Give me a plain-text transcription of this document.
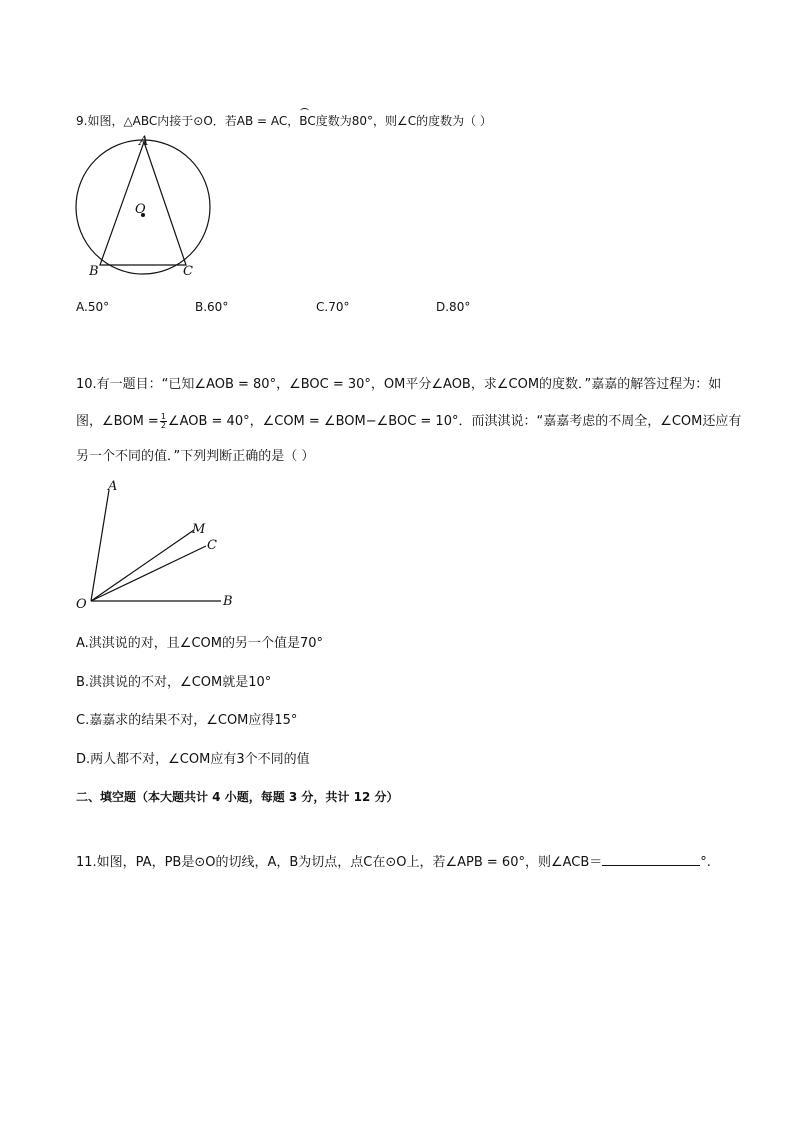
9.如图，△ABC内接于⊙O．若AB = AC，BC度数为80°，则∠C的度数为（ ）
A
O
B	C
A.50°	B.60°	C.70°	D.80°
10.有一题目：“已知∠AOB = 80°，∠BOC = 30°，OM平分∠AOB，求∠COM的度数．”嘉嘉的解答过程为：如
图，∠BOM = $\frac{1}{2}$ ∠AOB = 40°，∠COM = ∠BOM−∠BOC = 10°．而淇淇说：“嘉嘉考虑的不周全，∠COM还应有
另一个不同的值．”下列判断正确的是（ ）
A
M
C
O	B
A.淇淇说的对，且∠COM的另一个值是70°
B.淇淇说的不对，∠COM就是10°
C.嘉嘉求的结果不对，∠COM应得15°
D.两人都不对，∠COM应有3个不同的值
二、填空题（本大题共计 4 小题，每题 3 分，共计 12 分）
11.如图，PA，PB是⊙O的切线，A，B为切点，点C在⊙O上，若∠APB = 60°，则∠ACB＝	°.
